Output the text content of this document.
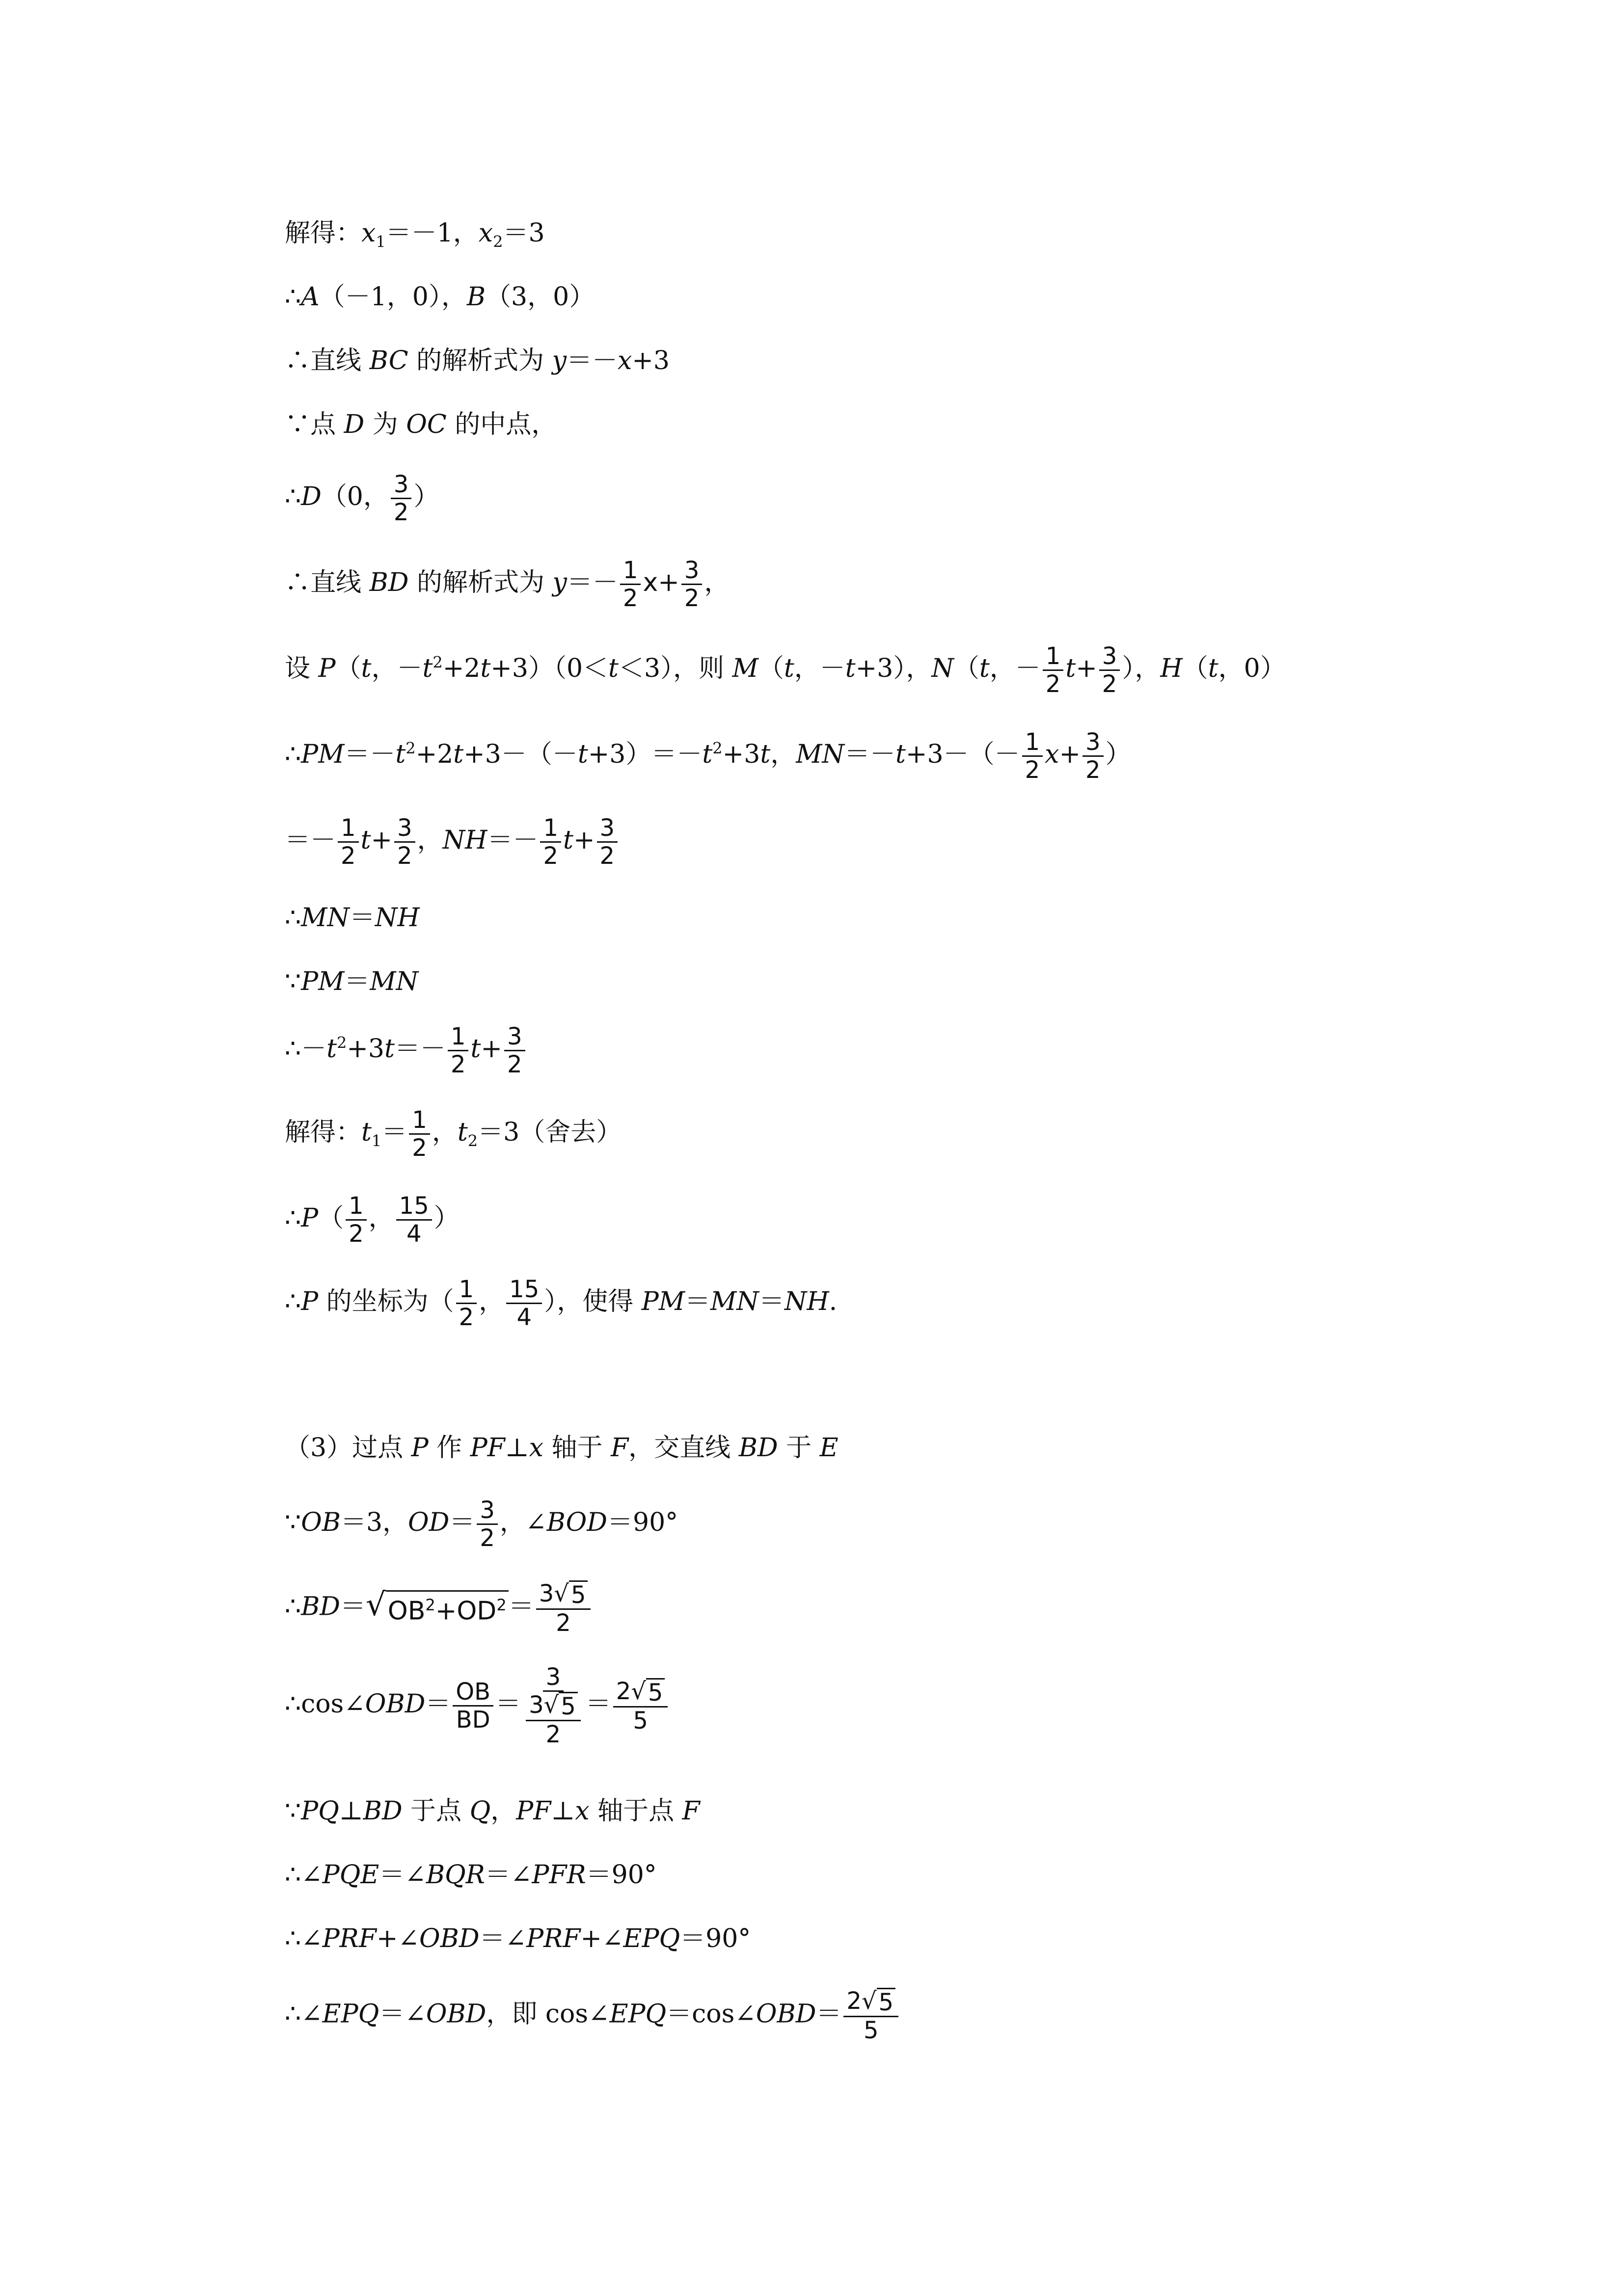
解得：$x_1=-1$，$x_2=3$
∴A（－1，0），B（3，0）
∴直线 BC 的解析式为 y＝－x+3
∵点 D 为 OC 的中点，
∴D（0， $\frac{3}{2}$ ）
∴直线 BD 的解析式为 $y=- \frac{1}{2} x+ \frac{3}{2}$ ，
设 P（t，$-t^2+2t+3)(0<t<3)$，则 M（t，－t+3），N（t，－ $\frac{1}{2} t+ \frac{3}{2}$ ），H（t，0）
$\therefore PM=-t^2+2t+3-(-t+3)=-t^2+3t$，$MN=-t+3-(- \frac{1}{2} x+ \frac{3}{2}$ ）
＝－ $\frac{1}{2} t+ \frac{3}{2}$ ，$NH=- \frac{1}{2} t+ \frac{3}{2}$
∴MN＝NH
∵PM＝MN
$\therefore-t^2+3t=- \frac{1}{2} t+ \frac{3}{2}$
解得：$t_1= \frac{1}{2}$ ，$t_2=3$（舍去）
∴P（ $\frac{1}{2}$ ， $\frac{15}{4}$ ）
∴P 的坐标为（ $\frac{1}{2}$ ， $\frac{15}{4}$ ），使得 PM＝MN＝NH.
（3）过点 P 作 PF⊥x 轴于 F，交直线 BD 于 E
∵OB＝3，$OD= \frac{3}{2}$ ，∠BOD＝90°
∴BD＝ √ $OB^2+OD^2 = \frac{3 √ 5}{2}$
∴cos∠OBD＝ $\frac{OB}{BD} = \frac{3}{\frac{3 √ 5}{2}} = \frac{2 √ 5}{5}$
∵PQ⊥BD 于点 Q，PF⊥x 轴于点 F
∴∠PQE＝∠BQR＝∠PFR＝90°
∴∠PRF+∠OBD＝∠PRF+∠EPQ＝90°
∴∠EPQ＝∠OBD，即 cos∠EPQ＝cos∠OBD＝ $\frac{2 √ 5}{5}$
